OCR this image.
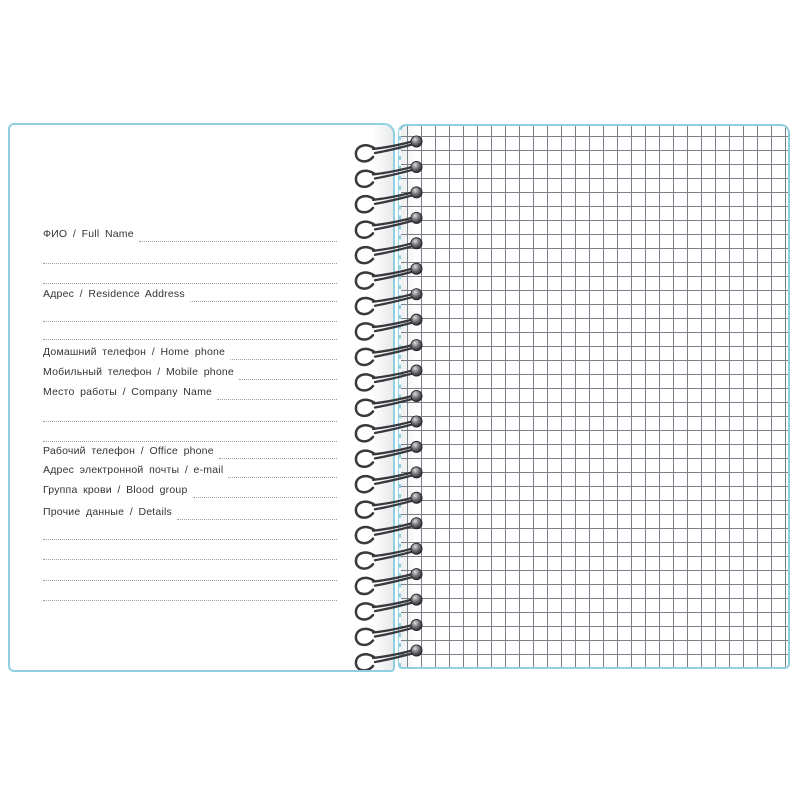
ФИО / Full Name
Адрес / Residence Address
Домашний телефон / Home phone
Мобильный телефон / Mobile phone
Место работы / Company Name
Рабочий телефон / Office phone
Адрес электронной почты / e-mail
Группа крови / Blood group
Прочие данные / Details
